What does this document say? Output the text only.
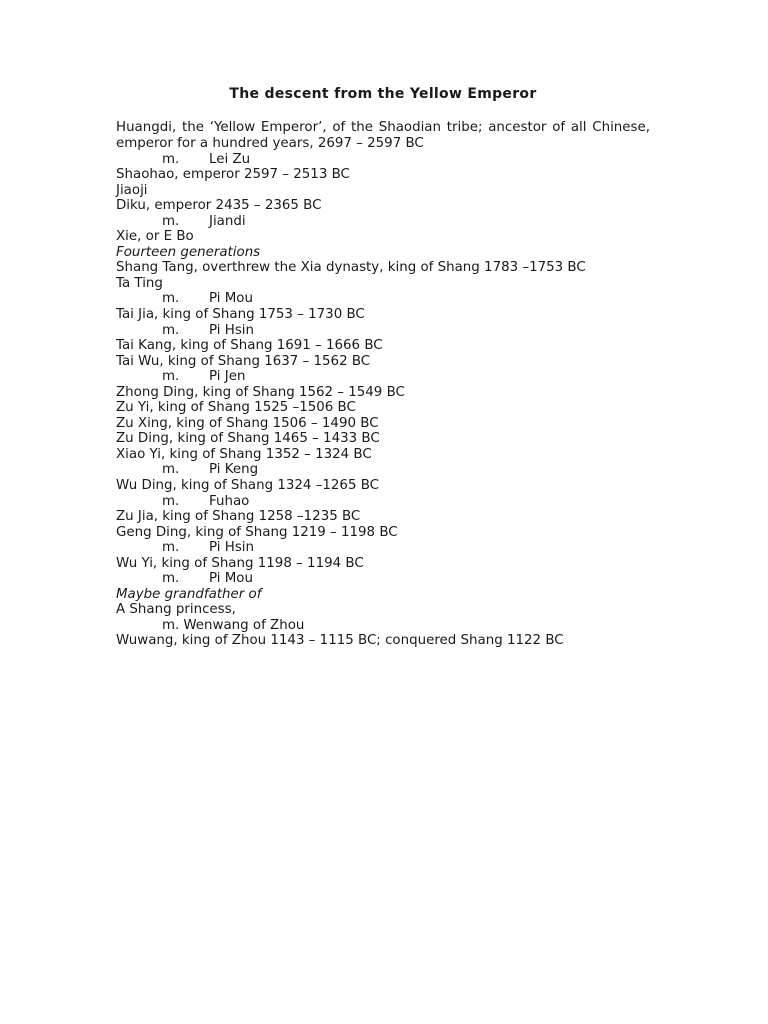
The descent from the Yellow Emperor

Huangdi, the ‘Yellow Emperor’, of the Shaodian tribe; ancestor of all Chinese, emperor for a hundred years, 2697 – 2597 BC

m. Lei Zu
Shaohao, emperor 2597 – 2513 BC
Jiaoji
Diku, emperor 2435 – 2365 BC
m. Jiandi
Xie, or E Bo
Fourteen generations
Shang Tang, overthrew the Xia dynasty, king of Shang 1783 –1753 BC
Ta Ting
m. Pi Mou
Tai Jia, king of Shang 1753 – 1730 BC
m. Pi Hsin
Tai Kang, king of Shang 1691 – 1666 BC
Tai Wu, king of Shang 1637 – 1562 BC
m. Pi Jen
Zhong Ding, king of Shang 1562 – 1549 BC
Zu Yi, king of Shang 1525 –1506 BC
Zu Xing, king of Shang 1506 – 1490 BC
Zu Ding, king of Shang 1465 – 1433 BC
Xiao Yi, king of Shang 1352 – 1324 BC
m. Pi Keng
Wu Ding, king of Shang 1324 –1265 BC
m. Fuhao
Zu Jia, king of Shang 1258 –1235 BC
Geng Ding, king of Shang 1219 – 1198 BC
m. Pi Hsin
Wu Yi, king of Shang 1198 – 1194 BC
m. Pi Mou
Maybe grandfather of
A Shang princess,
m. Wenwang of Zhou
Wuwang, king of Zhou 1143 – 1115 BC; conquered Shang 1122 BC
